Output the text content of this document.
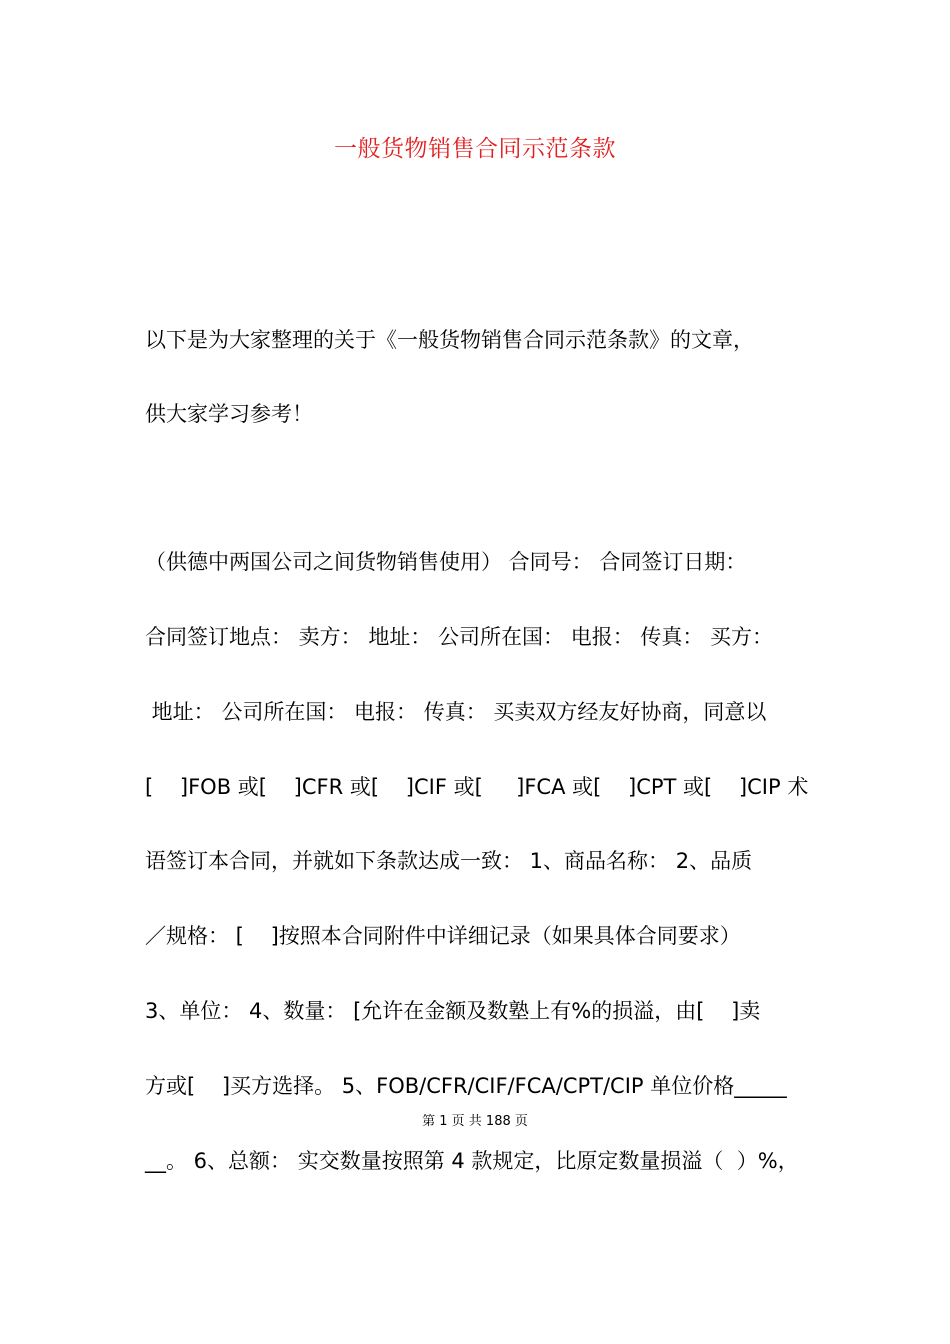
一般货物销售合同示范条款
以下是为大家整理的关于《一般货物销售合同示范条款》的文章，
供大家学习参考！
（供德中两国公司之间货物销售使用） 合同号： 合同签订日期：
合同签订地点： 卖方： 地址： 公司所在国： 电报： 传真： 买方：
地址： 公司所在国： 电报： 传真： 买卖双方经友好协商，同意以
[    ]FOB 或[    ]CFR 或[    ]CIF 或[     ]FCA 或[    ]CPT 或[    ]CIP 术
语签订本合同，并就如下条款达成一致： 1、商品名称： 2、品质
／规格： [    ]按照本合同附件中详细记录（如果具体合同要求）
3、单位： 4、数量： [允许在金额及数塾上有%的损溢，由[    ]卖
方或[    ]买方选择。 5、FOB/CFR/CIF/FCA/CPT/CIP 单位价格_____
第 1 页 共 188 页
__。 6、总额： 实交数量按照第 4 款规定，比原定数量损溢（  ）%，
